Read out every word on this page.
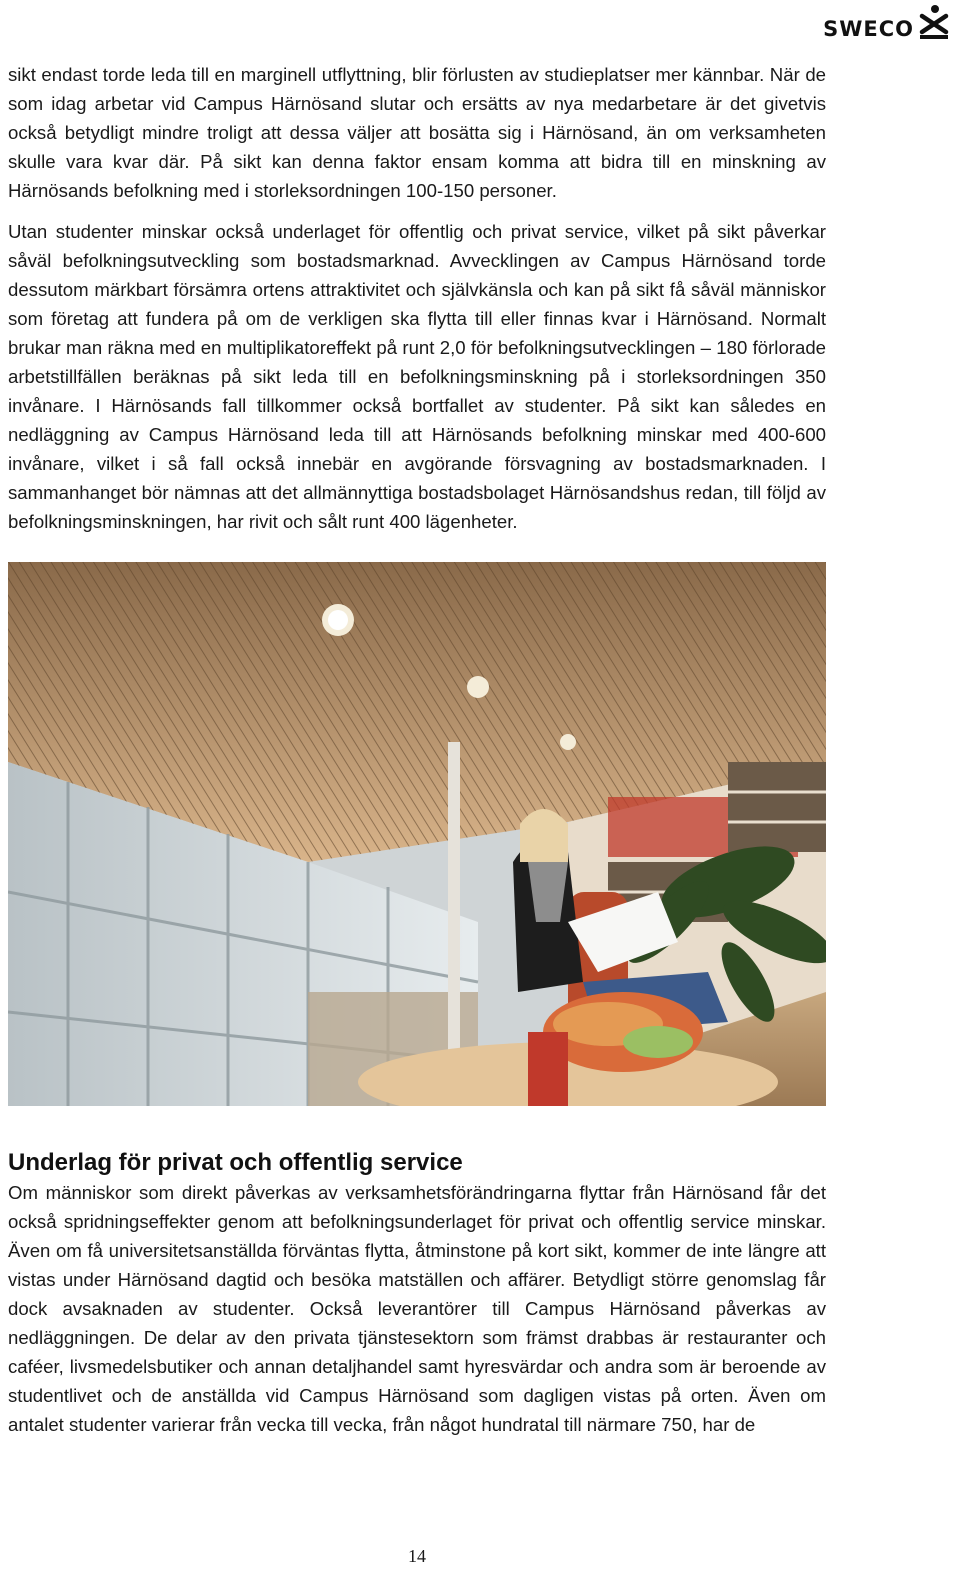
SWECO

sikt endast torde leda till en marginell utflyttning, blir förlusten av studieplatser mer kännbar. När de som idag arbetar vid Campus Härnösand slutar och ersätts av nya medarbetare är det givetvis också betydligt mindre troligt att dessa väljer att bosätta sig i Härnösand, än om verksamheten skulle vara kvar där. På sikt kan denna faktor ensam komma att bidra till en minskning av Härnösands befolkning med i storleksordningen 100-150 personer.

Utan studenter minskar också underlaget för offentlig och privat service, vilket på sikt påverkar såväl befolkningsutveckling som bostadsmarknad. Avvecklingen av Campus Härnösand torde dessutom märkbart försämra ortens attraktivitet och självkänsla och kan på sikt få såväl människor som företag att fundera på om de verkligen ska flytta till eller finnas kvar i Härnösand. Normalt brukar man räkna med en multiplikatoreffekt på runt 2,0 för befolkningsutvecklingen – 180 förlorade arbetstillfällen beräknas på sikt leda till en befolkningsminskning på i storleksordningen 350 invånare. I Härnösands fall tillkommer också bortfallet av studenter. På sikt kan således en nedläggning av Campus Härnösand leda till att Härnösands befolkning minskar med 400-600 invånare, vilket i så fall också innebär en avgörande försvagning av bostadsmarknaden. I sammanhanget bör nämnas att det allmännyttiga bostadsbolaget Härnösandshus redan, till följd av befolkningsminskningen, har rivit och sålt runt 400 lägenheter.

Underlag för privat och offentlig service

Om människor som direkt påverkas av verksamhetsförändringarna flyttar från Härnösand får det också spridningseffekter genom att befolkningsunderlaget för privat och offentlig service minskar. Även om få universitetsanställda förväntas flytta, åtminstone på kort sikt, kommer de inte längre att vistas under Härnösand dagtid och besöka matställen och affärer. Betydligt större genomslag får dock avsaknaden av studenter. Också leverantörer till Campus Härnösand påverkas av nedläggningen. De delar av den privata tjänstesektorn som främst drabbas är restauranter och caféer, livsmedelsbutiker och annan detaljhandel samt hyresvärdar och andra som är beroende av studentlivet och de anställda vid Campus Härnösand som dagligen vistas på orten. Även om antalet studenter varierar från vecka till vecka, från något hundratal till närmare 750, har de

14
